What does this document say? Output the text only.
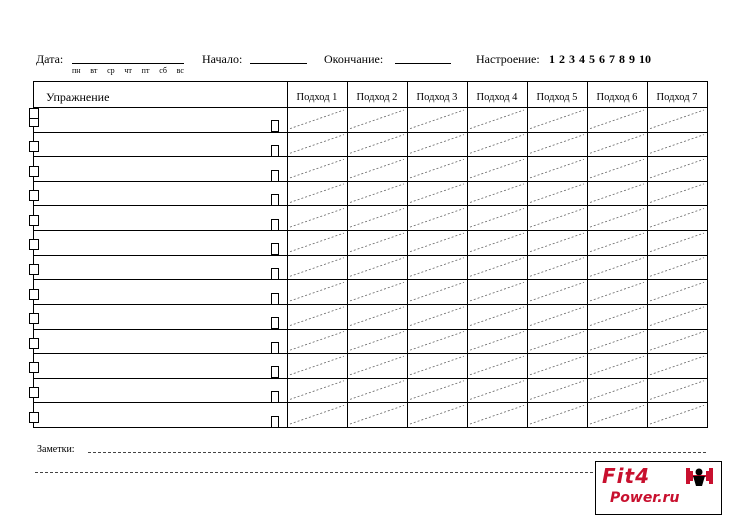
Дата:
пн вт ср чт пт сб вс
Начало:	Окончание:	Настроение: 1 2 3 4 5 6 7 8 9 10
Упражнение	Подход 1	Подход 2	Подход 3	Подход 4	Подход 5	Подход 6	Подход 7
Заметки:
Fit4
Power.ru
